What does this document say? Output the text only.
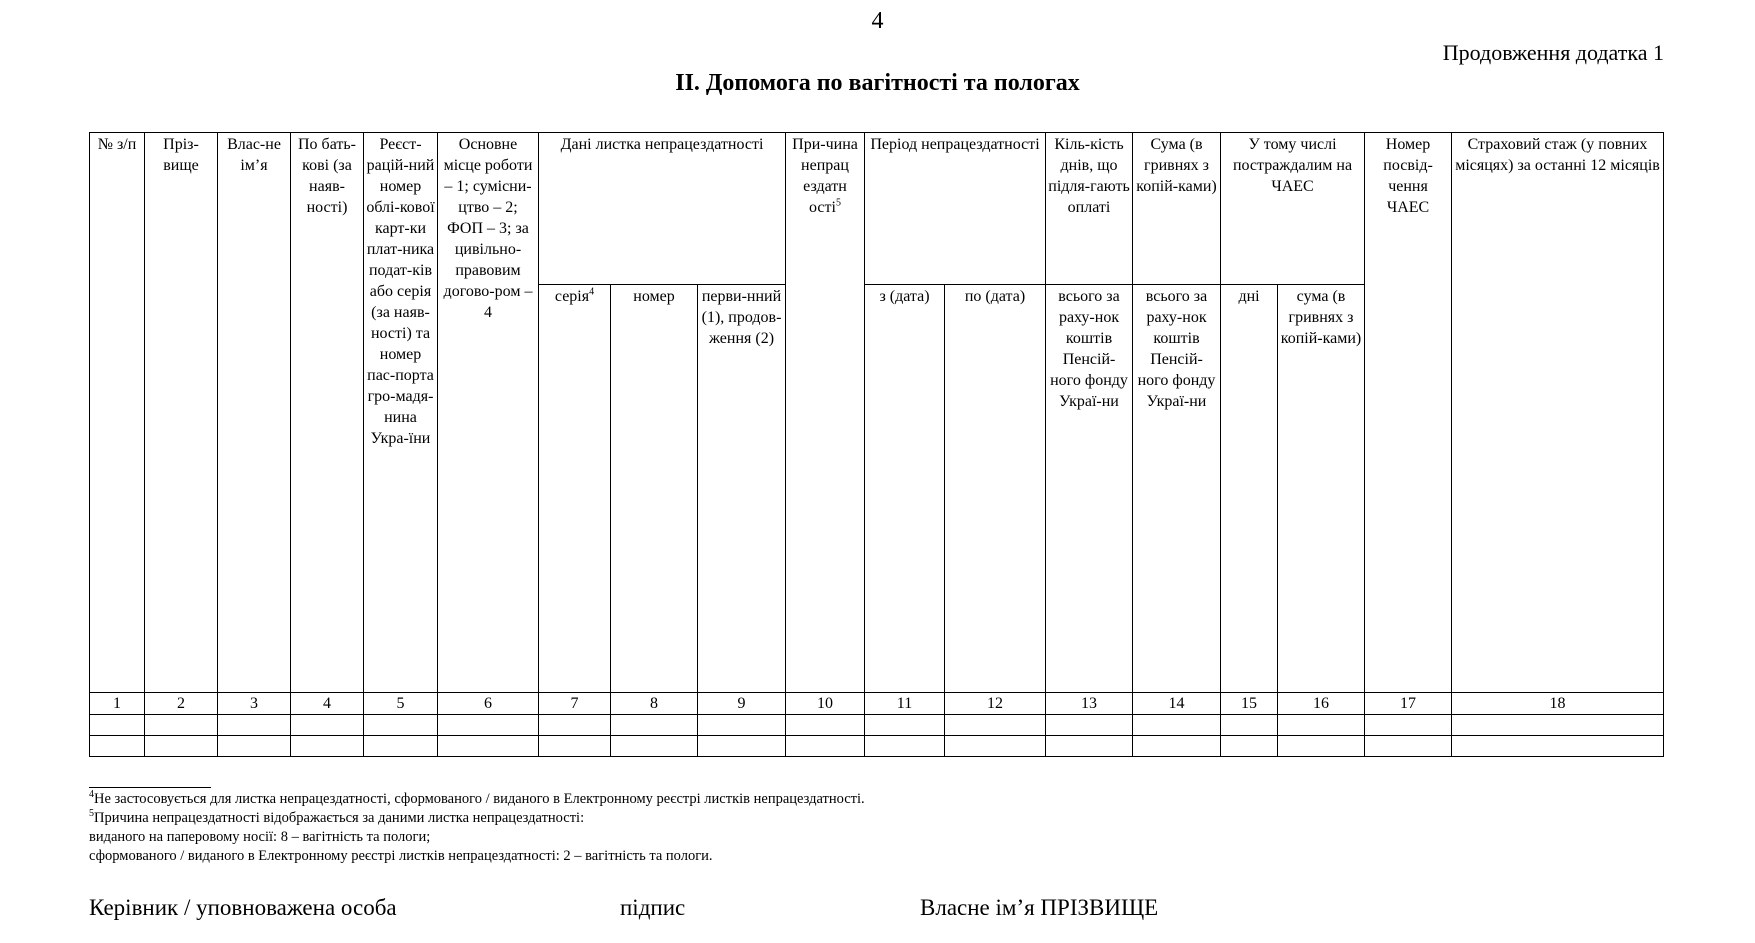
4
Продовження додатка 1
ІІ. Допомога по вагітності та пологах
№ з/п	Пріз-вище	Влас-не ім’я	По бать-кові (за наяв-ності)	Реєст-рацій-ний номер облі-кової карт-ки плат-ника подат-ків або серія (за наяв-ності) та номер пас-порта гро-мадя-нина Укра-їни	Основне місце роботи – 1; сумісни-цтво – 2; ФОП – 3; за цивільно-правовим догово-ром – 4	Дані листка непрацездатності			При-чина непрац ездатн ості$^5$	Період непрацездатності		Кіль-кість днів, що підля-гають оплаті	Сума (в гривнях з копій-ками)	У тому числі постраждалим на ЧАЕС		Номер посвід-чення ЧАЕС	Страховий стаж (у повних місяцях) за останні 12 місяців
						серія$^4$	номер	перви-нний (1), продов-ження (2)		з (дата)	по (дата)	всього за раху-нок коштів Пенсій-ного фонду Украї-ни	всього за раху-нок коштів Пенсій-ного фонду Украї-ни	дні	сума (в гривнях з копій-ками)		
1	2	3	4	5	6	7	8	9	10	11	12	13	14	15	16	17	18

$^4$Не застосовується для листка непрацездатності, сформованого / виданого в Електронному реєстрі листків непрацездатності.
$^5$Причина непрацездатності відображається за даними листка непрацездатності:
виданого на паперовому носії: 8 – вагітність та пологи;
сформованого / виданого в Електронному реєстрі листків непрацездатності: 2 – вагітність та пологи.
Керівник / уповноважена особа	підпис	Власне ім’я ПРІЗВИЩЕ
